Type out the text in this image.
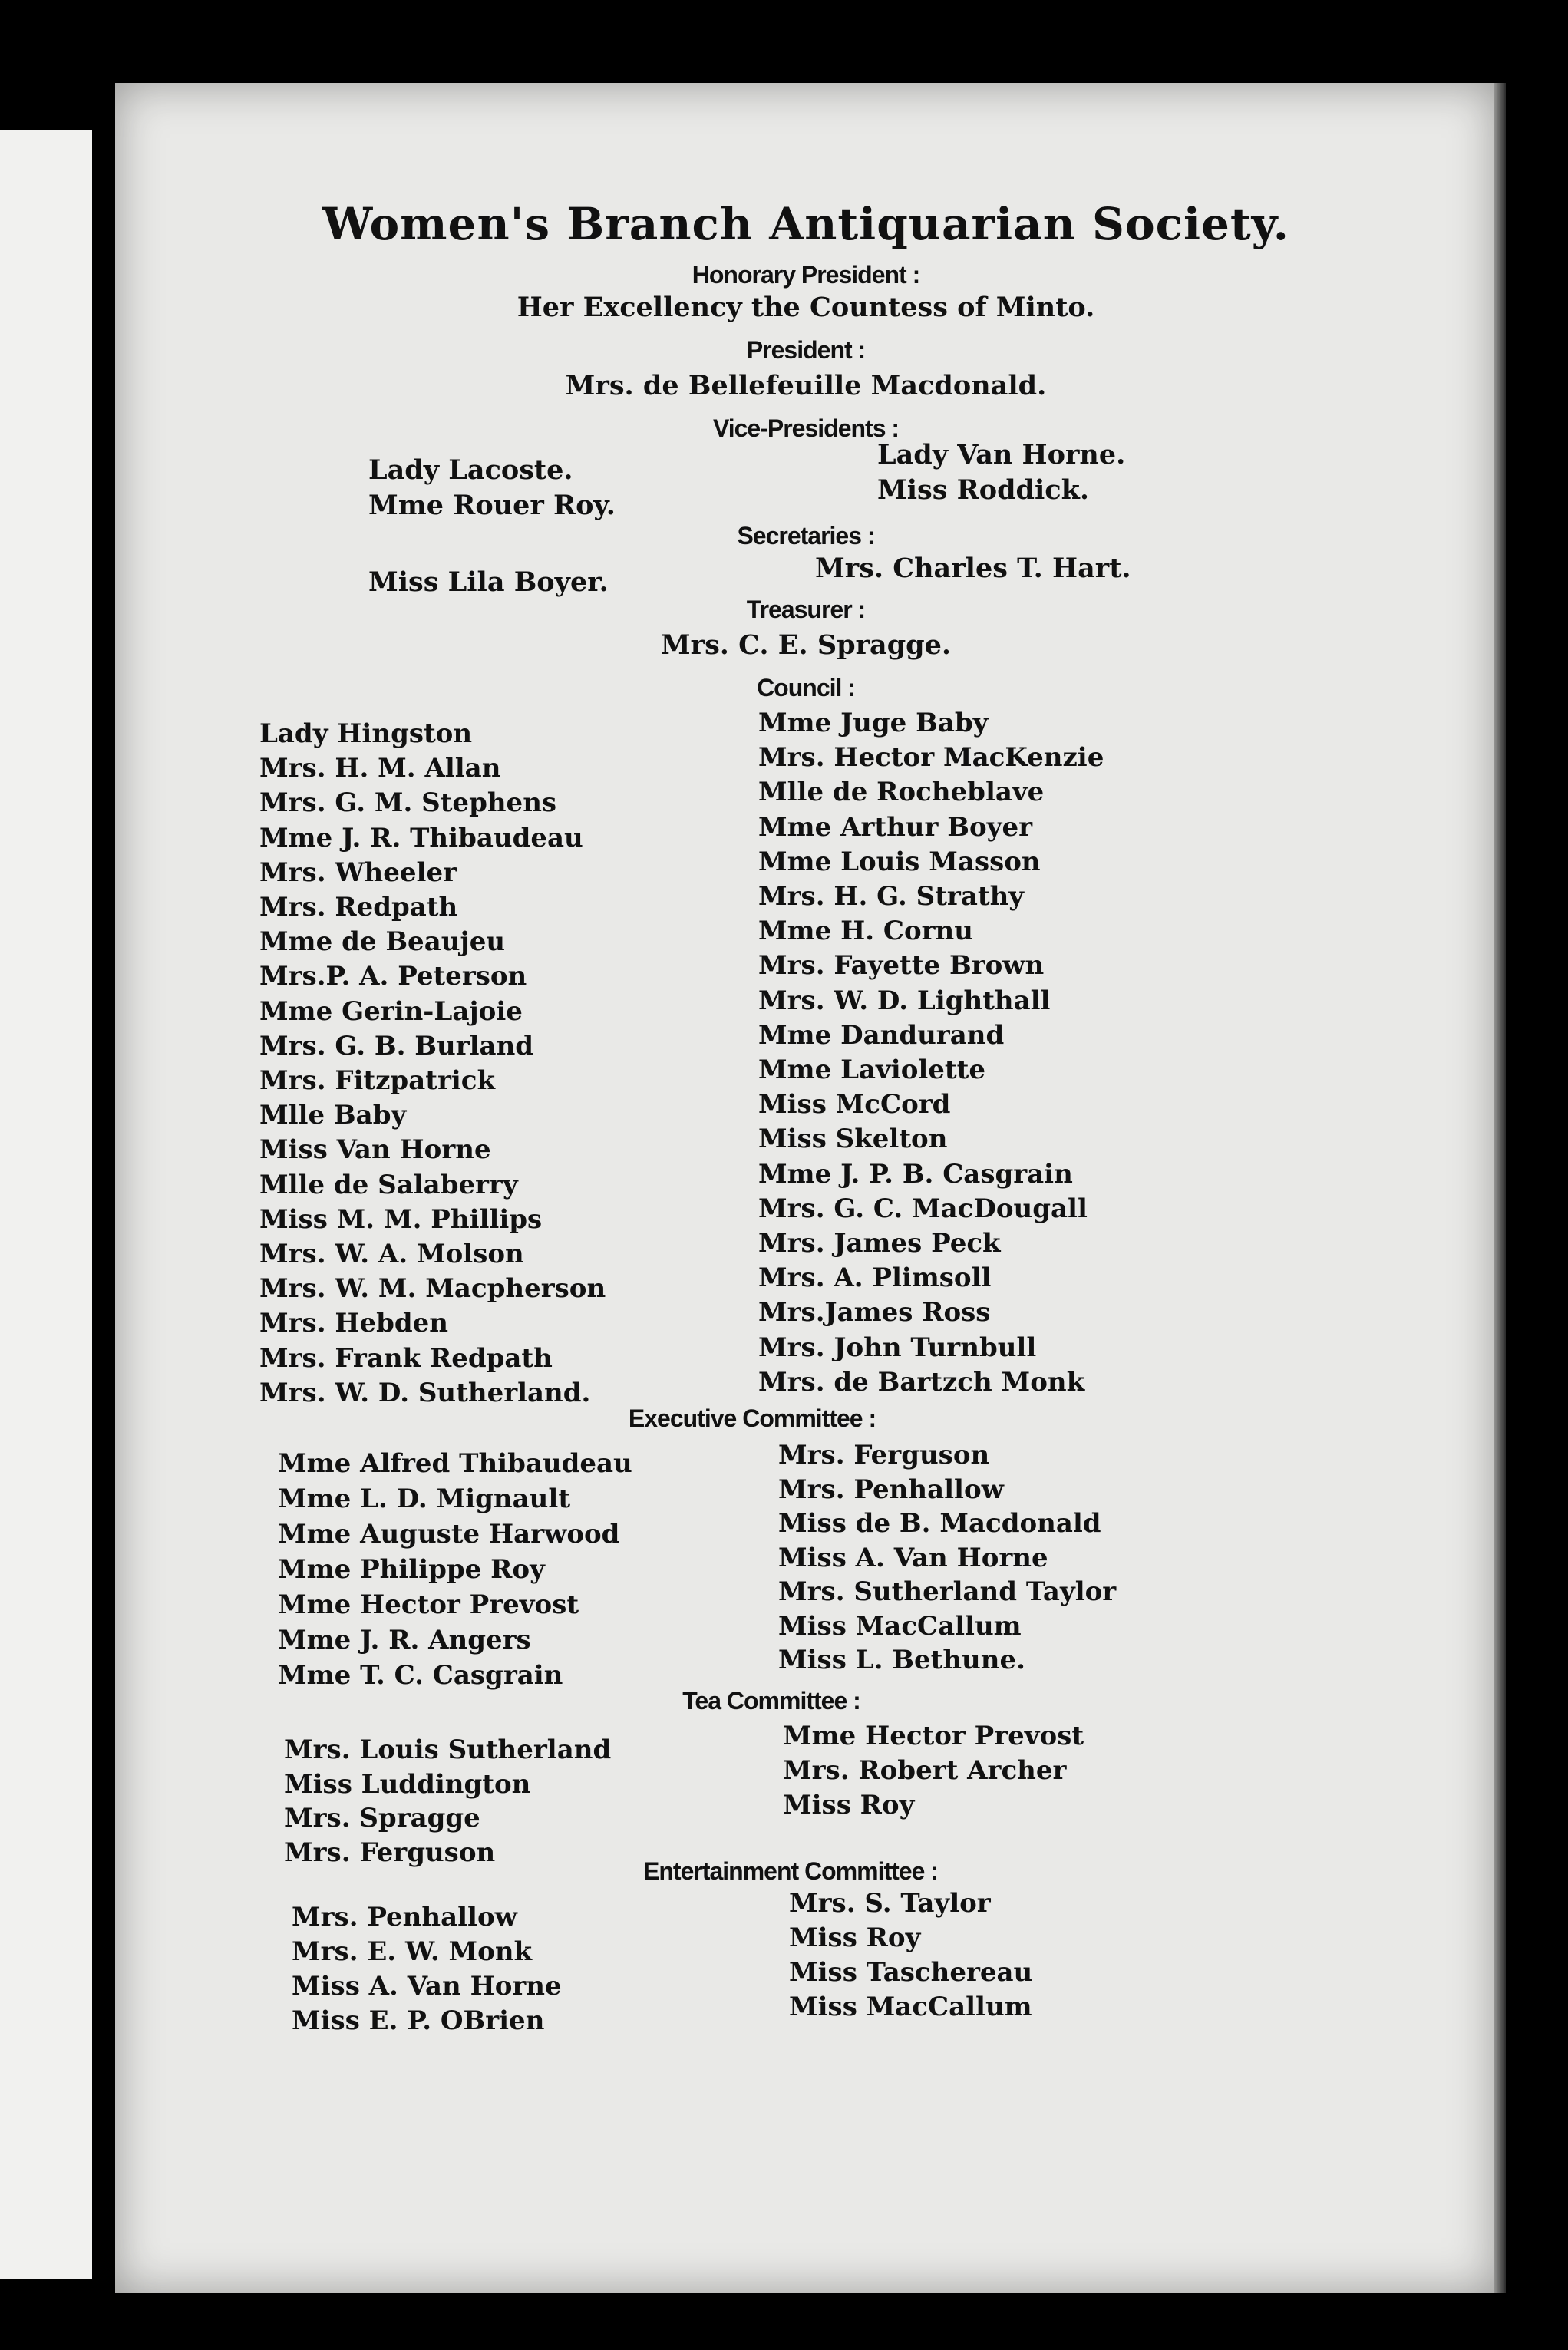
Women's Branch Antiquarian Society.
Honorary President :
Her Excellency the Countess of Minto.
President :
Mrs. de Bellefeuille Macdonald.
Vice-Presidents :
Lady Lacoste.
Mme Rouer Roy.
Lady Van Horne.
Miss Roddick.
Secretaries :
Miss Lila Boyer.	Mrs. Charles T. Hart.
Treasurer :
Mrs. C. E. Spragge.
Council :
Lady Hingston
Mrs. H. M. Allan
Mrs. G. M. Stephens
Mme J. R. Thibaudeau
Mrs. Wheeler
Mrs. Redpath
Mme de Beaujeu
Mrs.P. A. Peterson
Mme Gerin-Lajoie
Mrs. G. B. Burland
Mrs. Fitzpatrick
Mlle Baby
Miss Van Horne
Mlle de Salaberry
Miss M. M. Phillips
Mrs. W. A. Molson
Mrs. W. M. Macpherson
Mrs. Hebden
Mrs. Frank Redpath
Mrs. W. D. Sutherland.
Mme Juge Baby
Mrs. Hector MacKenzie
Mlle de Rocheblave
Mme Arthur Boyer
Mme Louis Masson
Mrs. H. G. Strathy
Mme H. Cornu
Mrs. Fayette Brown
Mrs. W. D. Lighthall
Mme Dandurand
Mme Laviolette
Miss McCord
Miss Skelton
Mme J. P. B. Casgrain
Mrs. G. C. MacDougall
Mrs. James Peck
Mrs. A. Plimsoll
Mrs.James Ross
Mrs. John Turnbull
Mrs. de Bartzch Monk
Executive Committee :
Mme Alfred Thibaudeau
Mme L. D. Mignault
Mme Auguste Harwood
Mme Philippe Roy
Mme Hector Prevost
Mme J. R. Angers
Mme T. C. Casgrain
Mrs. Ferguson
Mrs. Penhallow
Miss de B. Macdonald
Miss A. Van Horne
Mrs. Sutherland Taylor
Miss MacCallum
Miss L. Bethune.
Tea Committee :
Mrs. Louis Sutherland
Miss Luddington
Mrs. Spragge
Mrs. Ferguson
Mme Hector Prevost
Mrs. Robert Archer
Miss Roy
Entertainment Committee :
Mrs. Penhallow
Mrs. E. W. Monk
Miss A. Van Horne
Miss E. P. OBrien
Mrs. S. Taylor
Miss Roy
Miss Taschereau
Miss MacCallum
